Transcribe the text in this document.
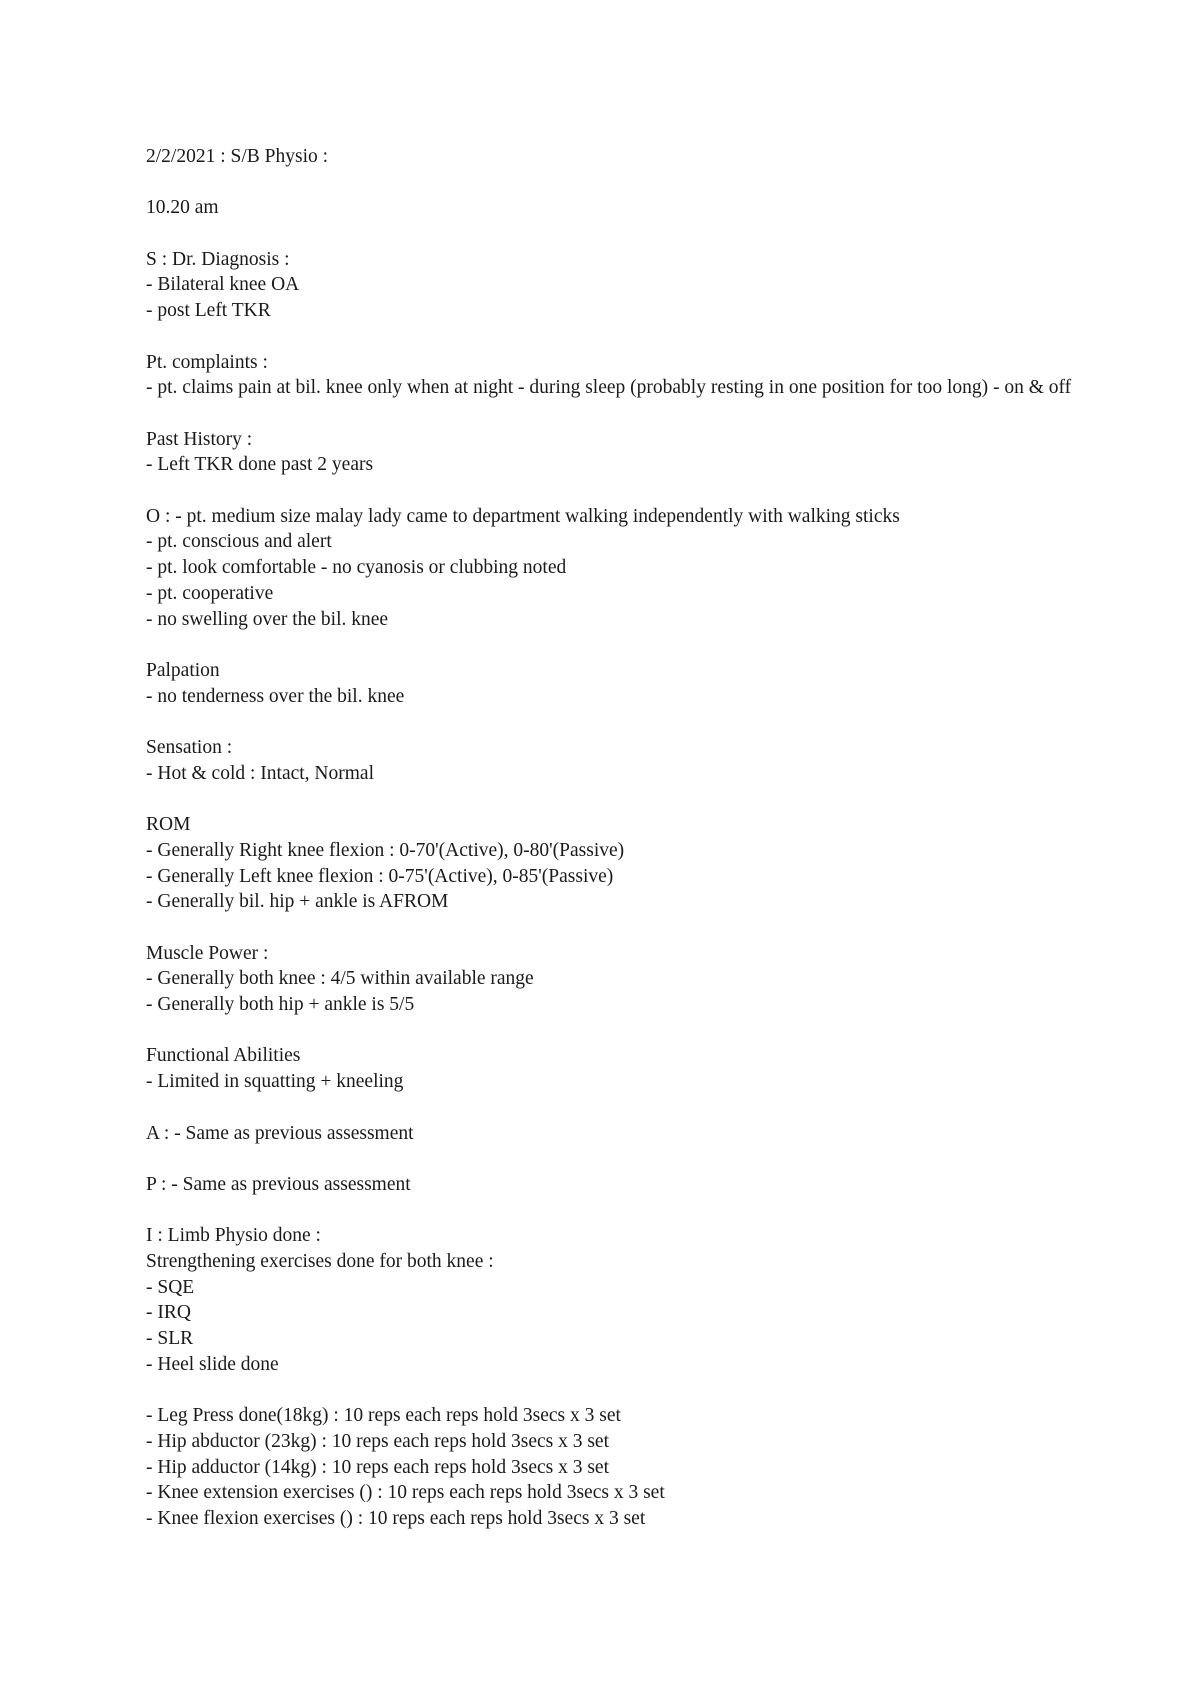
2/2/2021 : S/B Physio :

10.20 am

S : Dr. Diagnosis :

- Bilateral knee OA

- post Left TKR

Pt. complaints :

- pt. claims pain at bil. knee only when at night - during sleep (probably resting in one position for too long) - on & off

Past History :

- Left TKR done past 2 years

O : - pt. medium size malay lady came to department walking independently with walking sticks

- pt. conscious and alert

- pt. look comfortable - no cyanosis or clubbing noted

- pt. cooperative

- no swelling over the bil. knee

Palpation

- no tenderness over the bil. knee

Sensation :

- Hot & cold : Intact, Normal

ROM

- Generally Right knee flexion : 0-70'(Active), 0-80'(Passive)

- Generally Left knee flexion : 0-75'(Active), 0-85'(Passive)

- Generally bil. hip + ankle is AFROM

Muscle Power :

- Generally both knee : 4/5 within available range

- Generally both hip + ankle is 5/5

Functional Abilities

- Limited in squatting + kneeling

A : - Same as previous assessment

P : - Same as previous assessment

I : Limb Physio done :

Strengthening exercises done for both knee :

- SQE

- IRQ

- SLR

- Heel slide done

- Leg Press done(18kg) : 10 reps each reps hold 3secs x 3 set

- Hip abductor (23kg) : 10 reps each reps hold 3secs x 3 set

- Hip adductor (14kg) : 10 reps each reps hold 3secs x 3 set

- Knee extension exercises () : 10 reps each reps hold 3secs x 3 set

- Knee flexion exercises () : 10 reps each reps hold 3secs x 3 set
